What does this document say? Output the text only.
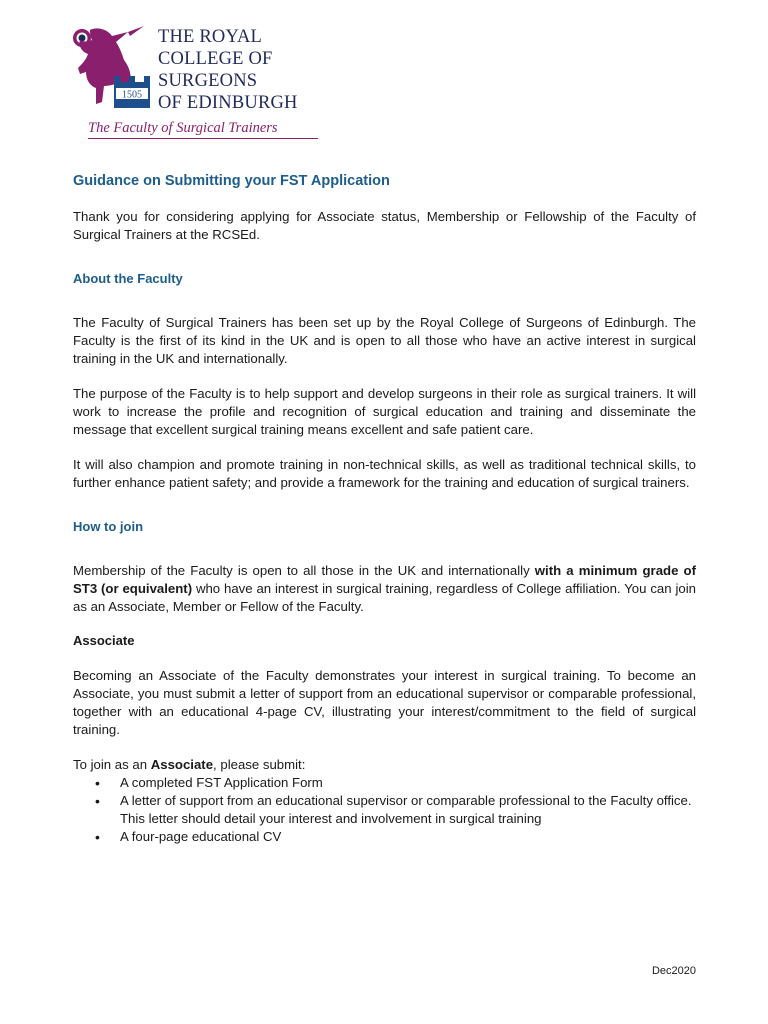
1505
THE ROYAL
COLLEGE OF
SURGEONS
OF EDINBURGH
The Faculty of Surgical Trainers
Guidance on Submitting your FST Application

Thank you for considering applying for Associate status, Membership or Fellowship of the Faculty of Surgical Trainers at the RCSEd.

About the Faculty

The Faculty of Surgical Trainers has been set up by the Royal College of Surgeons of Edinburgh. The Faculty is the first of its kind in the UK and is open to all those who have an active interest in surgical training in the UK and internationally.

The purpose of the Faculty is to help support and develop surgeons in their role as surgical trainers. It will work to increase the profile and recognition of surgical education and training and disseminate the message that excellent surgical training means excellent and safe patient care.

It will also champion and promote training in non-technical skills, as well as traditional technical skills, to further enhance patient safety; and provide a framework for the training and education of surgical trainers.

How to join

Membership of the Faculty is open to all those in the UK and internationally with a minimum grade of ST3 (or equivalent) who have an interest in surgical training, regardless of College affiliation. You can join as an Associate, Member or Fellow of the Faculty.

Associate

Becoming an Associate of the Faculty demonstrates your interest in surgical training. To become an Associate, you must submit a letter of support from an educational supervisor or comparable professional, together with an educational 4-page CV, illustrating your interest/commitment to the field of surgical training.

To join as an Associate, please submit:

• A completed FST Application Form
• A letter of support from an educational supervisor or comparable professional to the Faculty office. This letter should detail your interest and involvement in surgical training
• A four-page educational CV
Dec2020
